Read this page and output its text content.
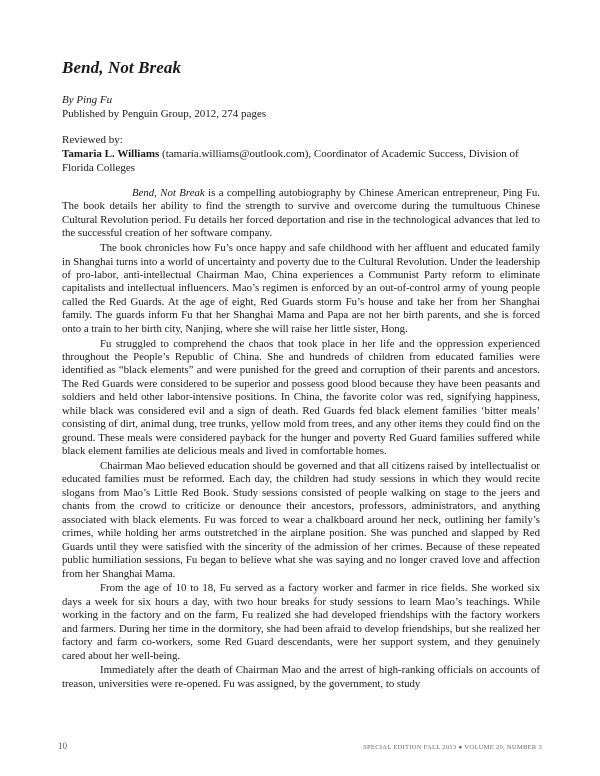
Bend, Not Break
By Ping Fu
Published by Penguin Group, 2012, 274 pages
Reviewed by:
Tamaria L. Williams (tamaria.williams@outlook.com), Coordinator of Academic Success, Division of Florida Colleges

Bend, Not Break is a compelling autobiography by Chinese American entrepreneur, Ping Fu. The book details her ability to find the strength to survive and overcome during the tumultuous Chinese Cultural Revolution period. Fu details her forced deportation and rise in the technological advances that led to the successful creation of her software company.

The book chronicles how Fu’s once happy and safe childhood with her affluent and educated family in Shanghai turns into a world of uncertainty and poverty due to the Cultural Revolution. Under the leadership of pro-labor, anti-intellectual Chairman Mao, China experiences a Communist Party reform to eliminate capitalists and intellectual influencers. Mao’s regimen is enforced by an out-of-control army of young people called the Red Guards. At the age of eight, Red Guards storm Fu’s house and take her from her Shanghai family. The guards inform Fu that her Shanghai Mama and Papa are not her birth parents, and she is forced onto a train to her birth city, Nanjing, where she will raise her little sister, Hong.

Fu struggled to comprehend the chaos that took place in her life and the oppression experienced throughout the People’s Republic of China. She and hundreds of children from educated families were identified as “black elements” and were punished for the greed and corruption of their parents and ancestors. The Red Guards were considered to be superior and possess good blood because they have been peasants and soldiers and held other labor-intensive positions. In China, the favorite color was red, signifying happiness, while black was considered evil and a sign of death. Red Guards fed black element families ‘bitter meals’ consisting of dirt, animal dung, tree trunks, yellow mold from trees, and any other items they could find on the ground. These meals were considered payback for the hunger and poverty Red Guard families suffered while black element families ate delicious meals and lived in comfortable homes.

Chairman Mao believed education should be governed and that all citizens raised by intellectualist or educated families must be reformed. Each day, the children had study sessions in which they would recite slogans from Mao’s Little Red Book. Study sessions consisted of people walking on stage to the jeers and chants from the crowd to criticize or denounce their ancestors, professors, administrators, and anything associated with black elements. Fu was forced to wear a chalkboard around her neck, outlining her family’s crimes, while holding her arms outstretched in the airplane position. She was punched and slapped by Red Guards until they were satisfied with the sincerity of the admission of her crimes. Because of these repeated public humiliation sessions, Fu began to believe what she was saying and no longer craved love and affection from her Shanghai Mama.

From the age of 10 to 18, Fu served as a factory worker and farmer in rice fields. She worked six days a week for six hours a day, with two hour breaks for study sessions to learn Mao’s teachings. While working in the factory and on the farm, Fu realized she had developed friendships with the factory workers and farmers. During her time in the dormitory, she had been afraid to develop friendships, but she realized her factory and farm co-workers, some Red Guard descendants, were her support system, and they genuinely cared about her well-being.

Immediately after the death of Chairman Mao and the arrest of high-ranking officials on accounts of treason, universities were re-opened. Fu was assigned, by the government, to study

10	SPECIAL EDITION FALL 2013 ● VOLUME 20, NUMBER 3
